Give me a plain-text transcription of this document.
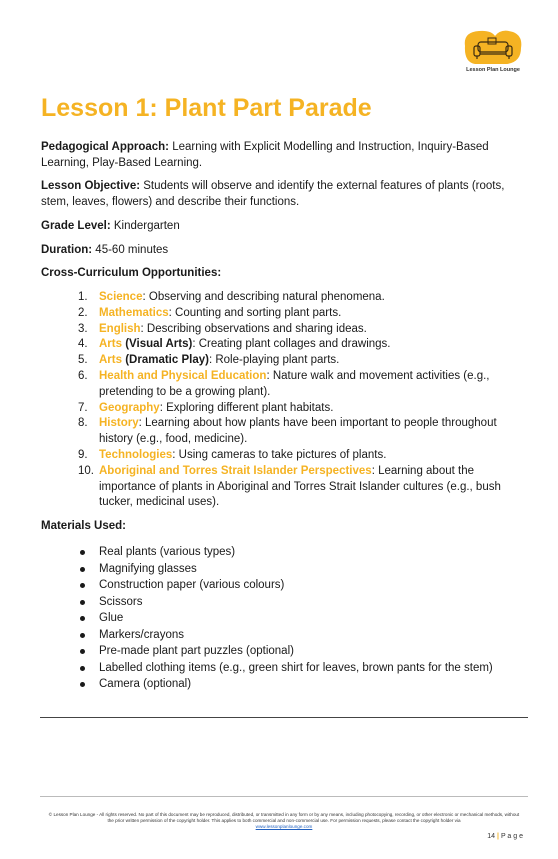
Lesson Plan Lounge
Lesson 1: Plant Part Parade

Pedagogical Approach: Learning with Explicit Modelling and Instruction, Inquiry-Based Learning, Play-Based Learning.

Lesson Objective: Students will observe and identify the external features of plants (roots, stem, leaves, flowers) and describe their functions.

Grade Level: Kindergarten

Duration: 45-60 minutes

Cross-Curriculum Opportunities:

1. Science: Observing and describing natural phenomena.
2. Mathematics: Counting and sorting plant parts.
3. English: Describing observations and sharing ideas.
4. Arts (Visual Arts): Creating plant collages and drawings.
5. Arts (Dramatic Play): Role-playing plant parts.
6. Health and Physical Education: Nature walk and movement activities (e.g., pretending to be a growing plant).
7. Geography: Exploring different plant habitats.
8. History: Learning about how plants have been important to people throughout history (e.g., food, medicine).
9. Technologies: Using cameras to take pictures of plants.
10. Aboriginal and Torres Strait Islander Perspectives: Learning about the importance of plants in Aboriginal and Torres Strait Islander cultures (e.g., bush tucker, medicinal uses).

Materials Used:

Real plants (various types)
Magnifying glasses
Construction paper (various colours)
Scissors
Glue
Markers/crayons
Pre-made plant part puzzles (optional)
Labelled clothing items (e.g., green shirt for leaves, brown pants for the stem)
Camera (optional)
© Lesson Plan Lounge - All rights reserved. No part of this document may be reproduced, distributed, or transmitted in any form or by any means, including photocopying, recording, or other electronic or mechanical methods, without the prior written permission of the copyright holder. This applies to both commercial and non-commercial use. For permission requests, please contact the copyright holder via
www.lessonplanlounge.com
14 | P a g e
